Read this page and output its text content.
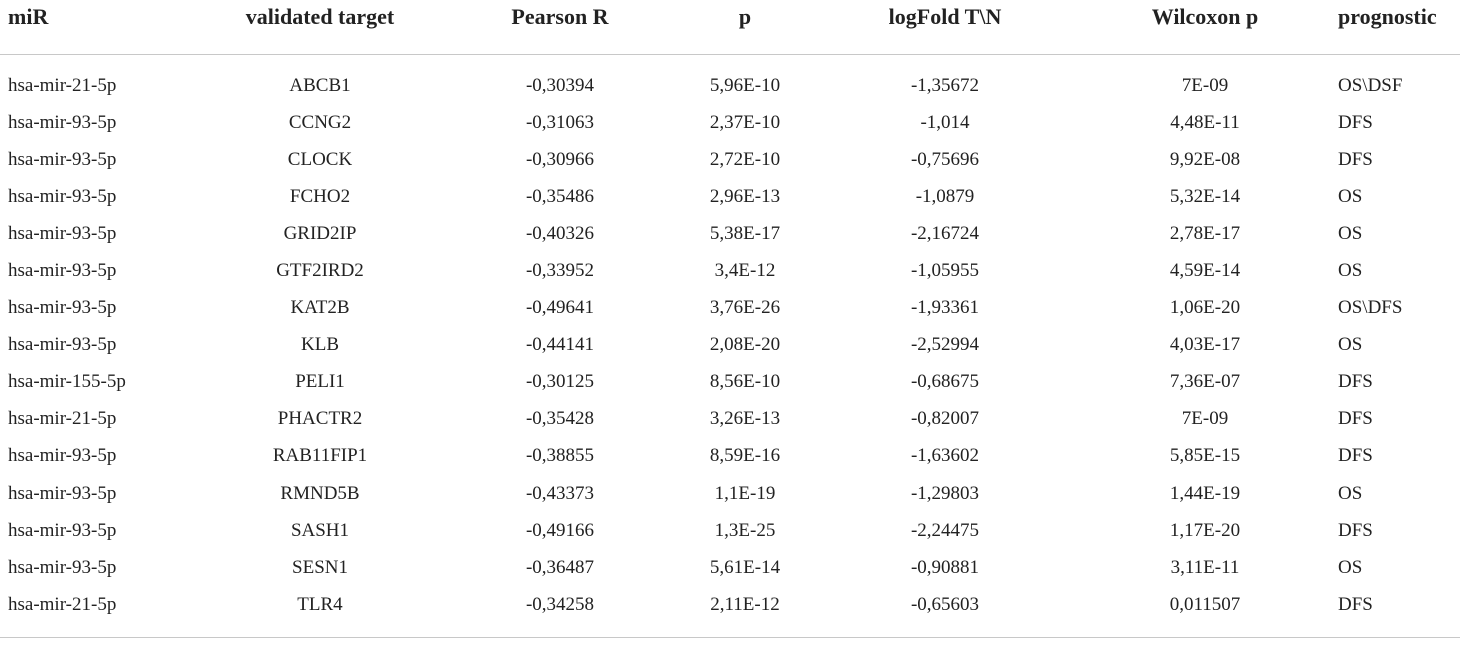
miR	validated target	Pearson R	p	logFold T\N	Wilcoxon p	prognostic

hsa-mir-21-5p	ABCB1	-0,30394	5,96E-10	-1,35672	7E-09	OS\DSF
hsa-mir-93-5p	CCNG2	-0,31063	2,37E-10	-1,014	4,48E-11	DFS
hsa-mir-93-5p	CLOCK	-0,30966	2,72E-10	-0,75696	9,92E-08	DFS
hsa-mir-93-5p	FCHO2	-0,35486	2,96E-13	-1,0879	5,32E-14	OS
hsa-mir-93-5p	GRID2IP	-0,40326	5,38E-17	-2,16724	2,78E-17	OS
hsa-mir-93-5p	GTF2IRD2	-0,33952	3,4E-12	-1,05955	4,59E-14	OS
hsa-mir-93-5p	KAT2B	-0,49641	3,76E-26	-1,93361	1,06E-20	OS\DFS
hsa-mir-93-5p	KLB	-0,44141	2,08E-20	-2,52994	4,03E-17	OS
hsa-mir-155-5p	PELI1	-0,30125	8,56E-10	-0,68675	7,36E-07	DFS
hsa-mir-21-5p	PHACTR2	-0,35428	3,26E-13	-0,82007	7E-09	DFS
hsa-mir-93-5p	RAB11FIP1	-0,38855	8,59E-16	-1,63602	5,85E-15	DFS
hsa-mir-93-5p	RMND5B	-0,43373	1,1E-19	-1,29803	1,44E-19	OS
hsa-mir-93-5p	SASH1	-0,49166	1,3E-25	-2,24475	1,17E-20	DFS
hsa-mir-93-5p	SESN1	-0,36487	5,61E-14	-0,90881	3,11E-11	OS
hsa-mir-21-5p	TLR4	-0,34258	2,11E-12	-0,65603	0,011507	DFS
